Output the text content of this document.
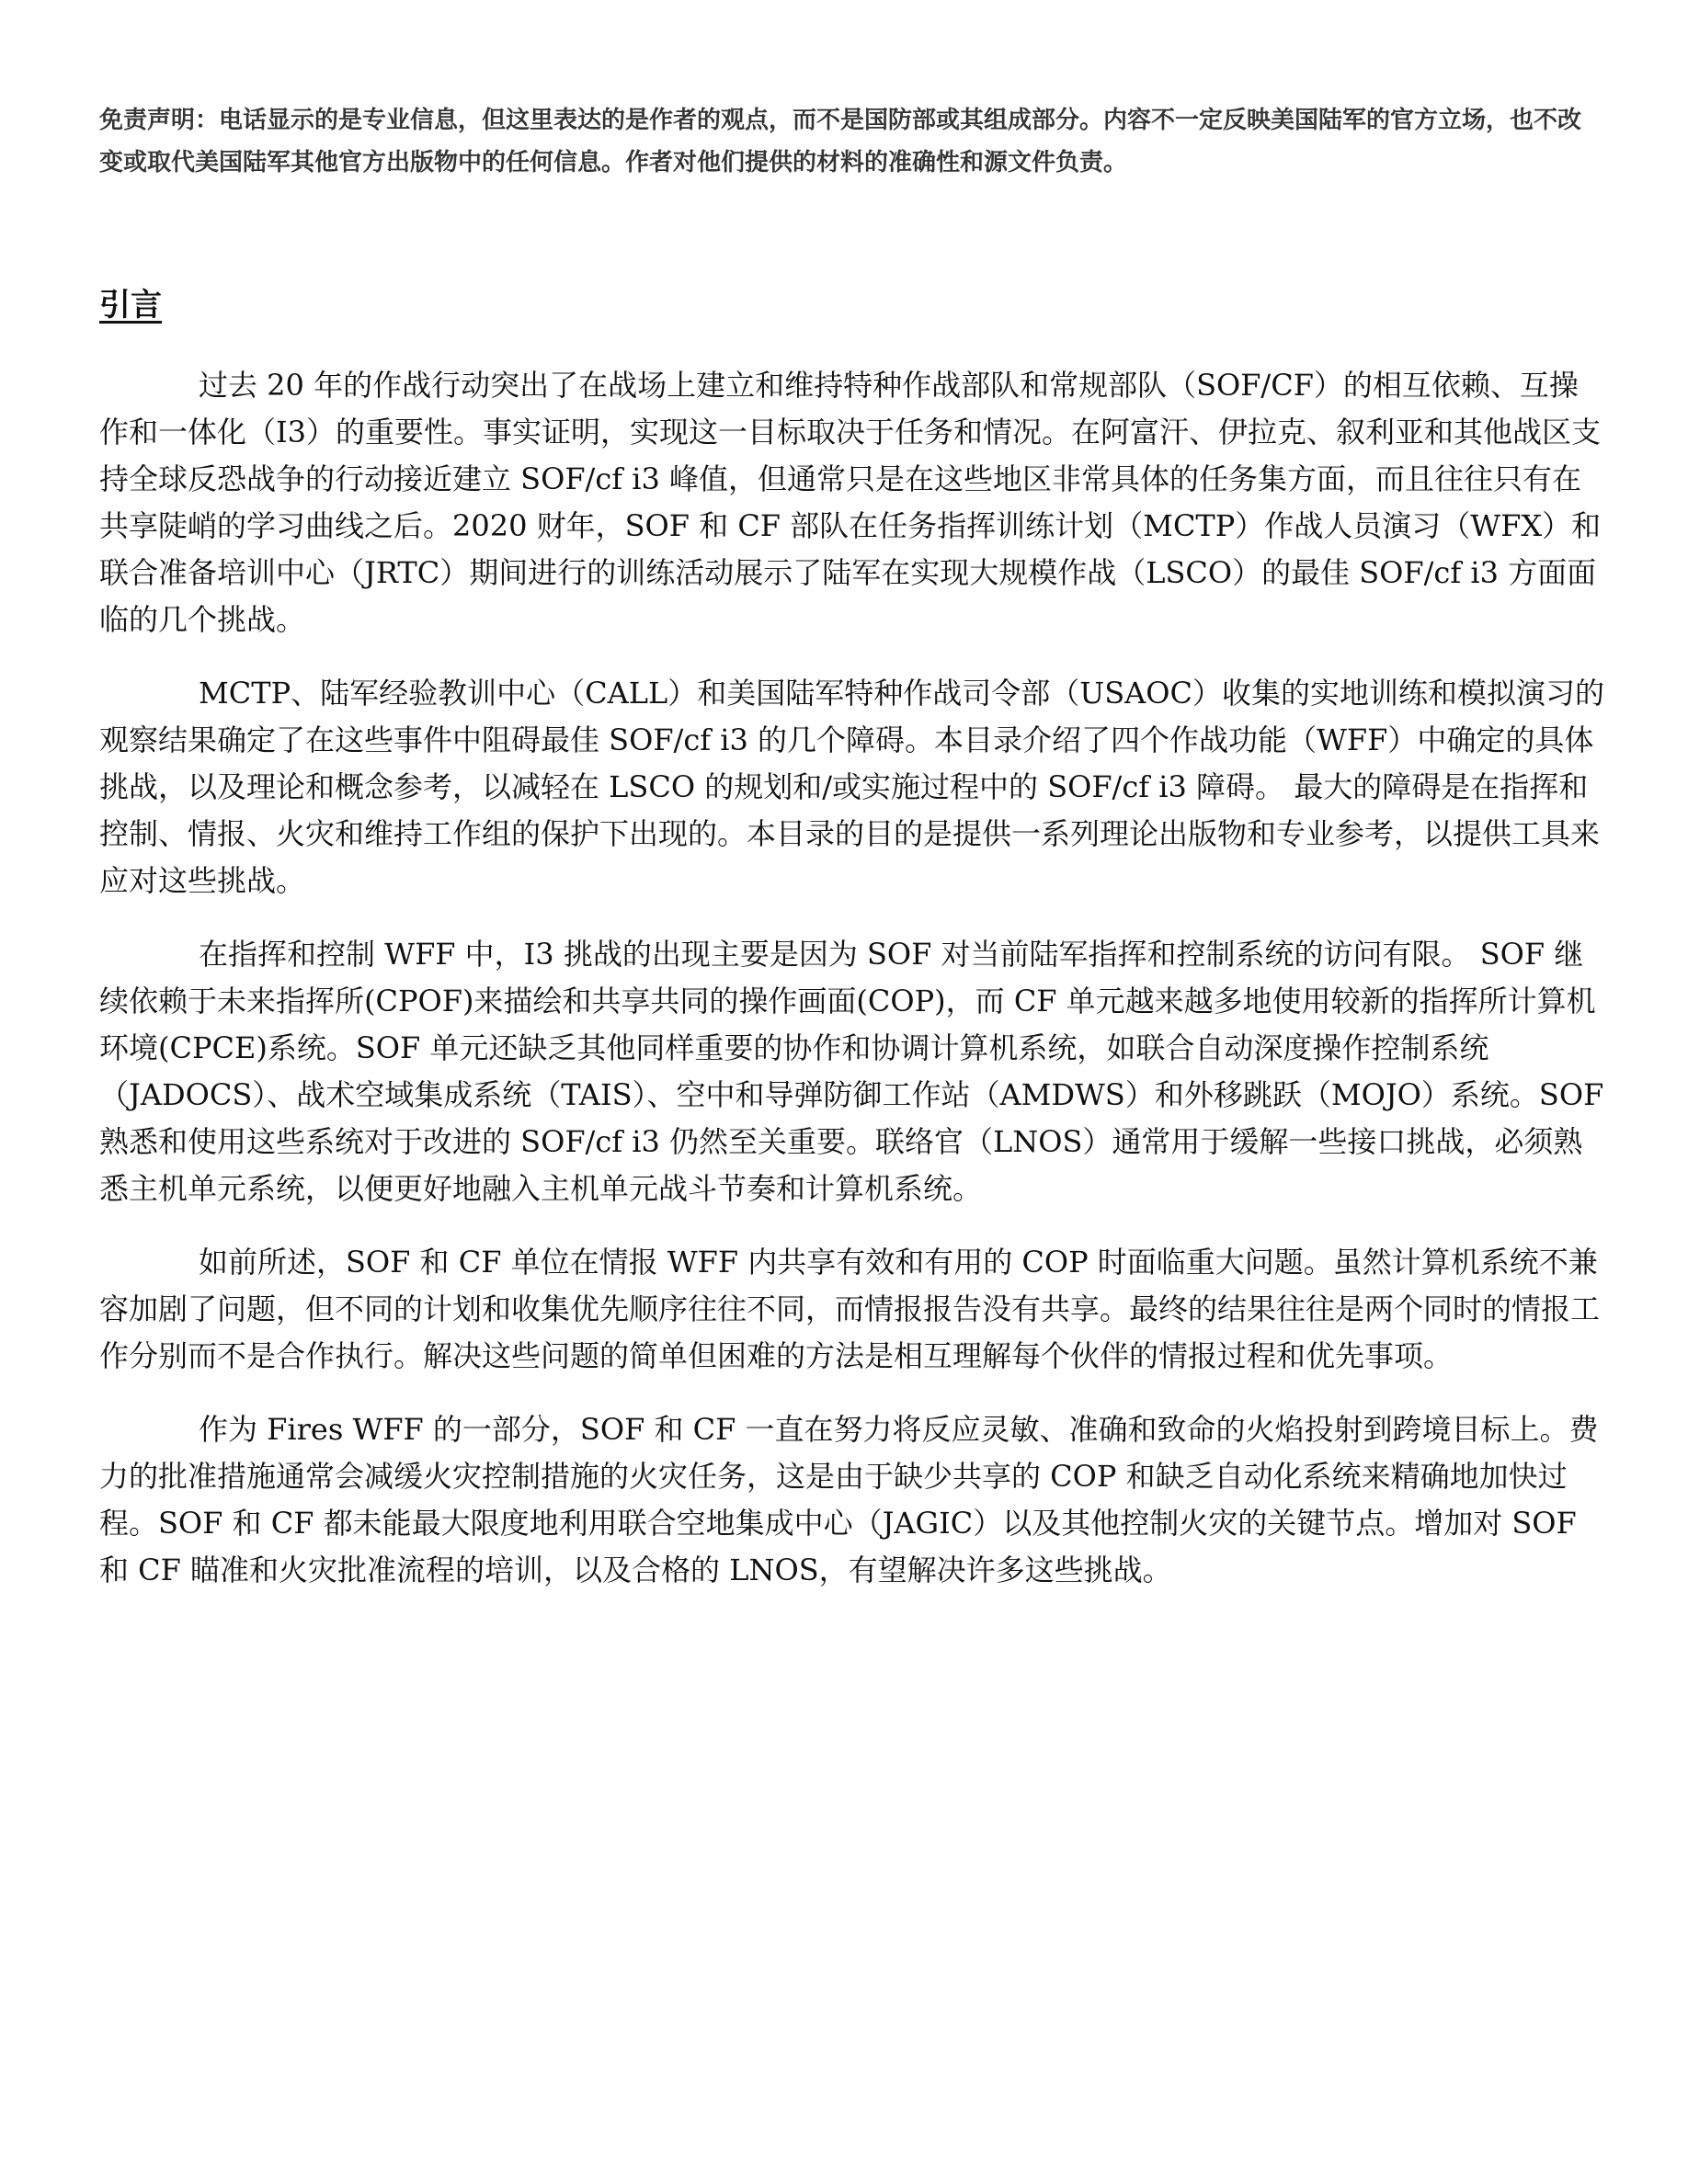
免责声明：电话显示的是专业信息，但这里表达的是作者的观点，而不是国防部或其组成部分。内容不一定反映美国陆军的官方立场，也不改变或取代美国陆军其他官方出版物中的任何信息。作者对他们提供的材料的准确性和源文件负责。

引言

过去 20 年的作战行动突出了在战场上建立和维持特种作战部队和常规部队（SOF/CF）的相互依赖、互操作和一体化（I3）的重要性。事实证明，实现这一目标取决于任务和情况。在阿富汗、伊拉克、叙利亚和其他战区支持全球反恐战争的行动接近建立 SOF/cf i3 峰值，但通常只是在这些地区非常具体的任务集方面，而且往往只有在共享陡峭的学习曲线之后。2020 财年，SOF 和 CF 部队在任务指挥训练计划（MCTP）作战人员演习（WFX）和联合准备培训中心（JRTC）期间进行的训练活动展示了陆军在实现大规模作战（LSCO）的最佳 SOF/cf i3 方面面临的几个挑战。

MCTP、陆军经验教训中心（CALL）和美国陆军特种作战司令部（USAOC）收集的实地训练和模拟演习的观察结果确定了在这些事件中阻碍最佳 SOF/cf i3 的几个障碍。本目录介绍了四个作战功能（WFF）中确定的具体挑战，以及理论和概念参考，以减轻在 LSCO 的规划和/或实施过程中的 SOF/cf i3 障碍。 最大的障碍是在指挥和控制、情报、火灾和维持工作组的保护下出现的。本目录的目的是提供一系列理论出版物和专业参考，以提供工具来应对这些挑战。

在指挥和控制 WFF 中，I3 挑战的出现主要是因为 SOF 对当前陆军指挥和控制系统的访问有限。 SOF 继续依赖于未来指挥所(CPOF)来描绘和共享共同的操作画面(COP)，而 CF 单元越来越多地使用较新的指挥所计算机环境(CPCE)系统。SOF 单元还缺乏其他同样重要的协作和协调计算机系统，如联合自动深度操作控制系统（JADOCS）、战术空域集成系统（TAIS）、空中和导弹防御工作站（AMDWS）和外移跳跃（MOJO）系统。SOF 熟悉和使用这些系统对于改进的 SOF/cf i3 仍然至关重要。联络官（LNOS）通常用于缓解一些接口挑战，必须熟悉主机单元系统，以便更好地融入主机单元战斗节奏和计算机系统。

如前所述，SOF 和 CF 单位在情报 WFF 内共享有效和有用的 COP 时面临重大问题。虽然计算机系统不兼容加剧了问题，但不同的计划和收集优先顺序往往不同，而情报报告没有共享。最终的结果往往是两个同时的情报工作分别而不是合作执行。解决这些问题的简单但困难的方法是相互理解每个伙伴的情报过程和优先事项。

作为 Fires WFF 的一部分，SOF 和 CF 一直在努力将反应灵敏、准确和致命的火焰投射到跨境目标上。费力的批准措施通常会减缓火灾控制措施的火灾任务，这是由于缺少共享的 COP 和缺乏自动化系统来精确地加快过程。SOF 和 CF 都未能最大限度地利用联合空地集成中心（JAGIC）以及其他控制火灾的关键节点。增加对 SOF 和 CF 瞄准和火灾批准流程的培训，以及合格的 LNOS，有望解决许多这些挑战。
